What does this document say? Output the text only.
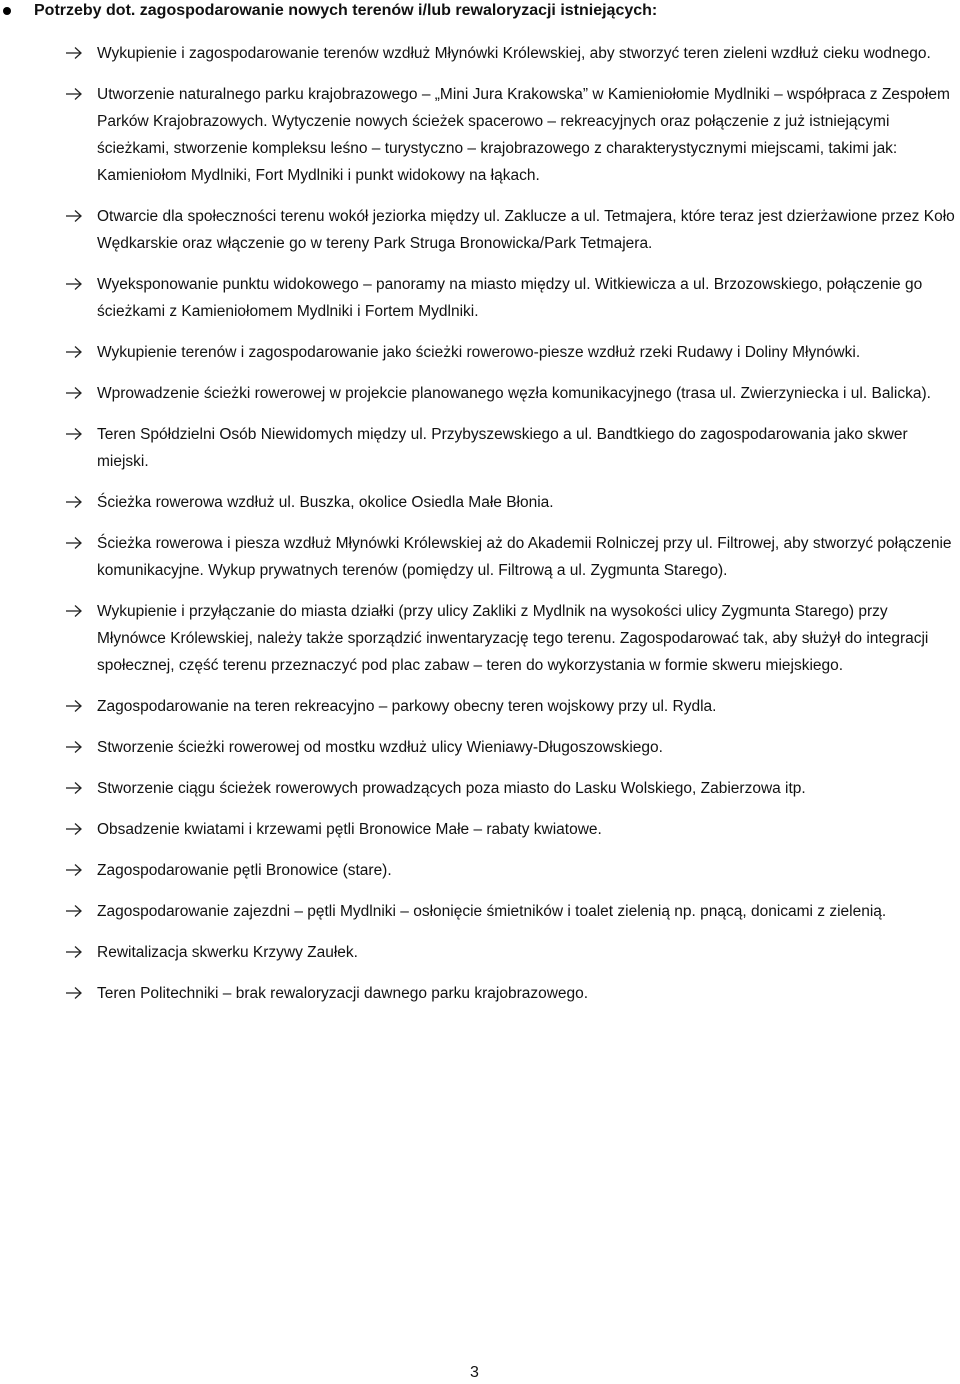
Potrzeby dot. zagospodarowanie nowych terenów i/lub rewaloryzacji istniejących:
Wykupienie i zagospodarowanie terenów wzdłuż Młynówki Królewskiej, aby stworzyć teren zieleni wzdłuż cieku wodnego.
Utworzenie naturalnego parku krajobrazowego – „Mini Jura Krakowska” w Kamieniołomie Mydlniki – współpraca z Zespołem Parków Krajobrazowych. Wytyczenie nowych ścieżek spacerowo – rekreacyjnych oraz połączenie z już istniejącymi ścieżkami, stworzenie kompleksu leśno – turystyczno – krajobrazowego z charakterystycznymi miejscami, takimi jak: Kamieniołom Mydlniki, Fort Mydlniki i punkt widokowy na łąkach.
Otwarcie dla społeczności terenu wokół jeziorka między ul. Zaklucze a ul. Tetmajera, które teraz jest dzierżawione przez Koło Wędkarskie oraz włączenie go w tereny Park Struga Bronowicka/Park Tetmajera.
Wyeksponowanie punktu widokowego – panoramy na miasto między ul. Witkiewicza a ul. Brzozowskiego, połączenie go ścieżkami z Kamieniołomem Mydlniki i Fortem Mydlniki.
Wykupienie terenów i zagospodarowanie jako ścieżki rowerowo-piesze wzdłuż rzeki Rudawy i Doliny Młynówki.
Wprowadzenie ścieżki rowerowej w projekcie planowanego węzła komunikacyjnego (trasa ul. Zwierzyniecka i ul. Balicka).
Teren Spółdzielni Osób Niewidomych między ul. Przybyszewskiego a ul. Bandtkiego do zagospodarowania jako skwer miejski.
Ścieżka rowerowa wzdłuż ul. Buszka, okolice Osiedla Małe Błonia.
Ścieżka rowerowa i piesza wzdłuż Młynówki Królewskiej aż do Akademii Rolniczej przy ul. Filtrowej, aby stworzyć połączenie komunikacyjne. Wykup prywatnych terenów (pomiędzy ul. Filtrową a ul. Zygmunta Starego).
Wykupienie i przyłączanie do miasta działki (przy ulicy Zakliki z Mydlnik na wysokości ulicy Zygmunta Starego) przy Młynówce Królewskiej, należy także sporządzić inwentaryzację tego terenu. Zagospodarować tak, aby służył do integracji społecznej, część terenu przeznaczyć pod plac zabaw – teren do wykorzystania w formie skweru miejskiego.
Zagospodarowanie na teren rekreacyjno – parkowy obecny teren wojskowy przy ul. Rydla.
Stworzenie ścieżki rowerowej od mostku wzdłuż ulicy Wieniawy-Długoszowskiego.
Stworzenie ciągu ścieżek rowerowych prowadzących poza miasto do Lasku Wolskiego, Zabierzowa itp.
Obsadzenie kwiatami i krzewami pętli Bronowice Małe – rabaty kwiatowe.
Zagospodarowanie pętli Bronowice (stare).
Zagospodarowanie zajezdni – pętli Mydlniki – osłonięcie śmietników i toalet zielenią np. pnącą, donicami z zielenią.
Rewitalizacja skwerku Krzywy Zaułek.
Teren Politechniki – brak rewaloryzacji dawnego parku krajobrazowego.
3
